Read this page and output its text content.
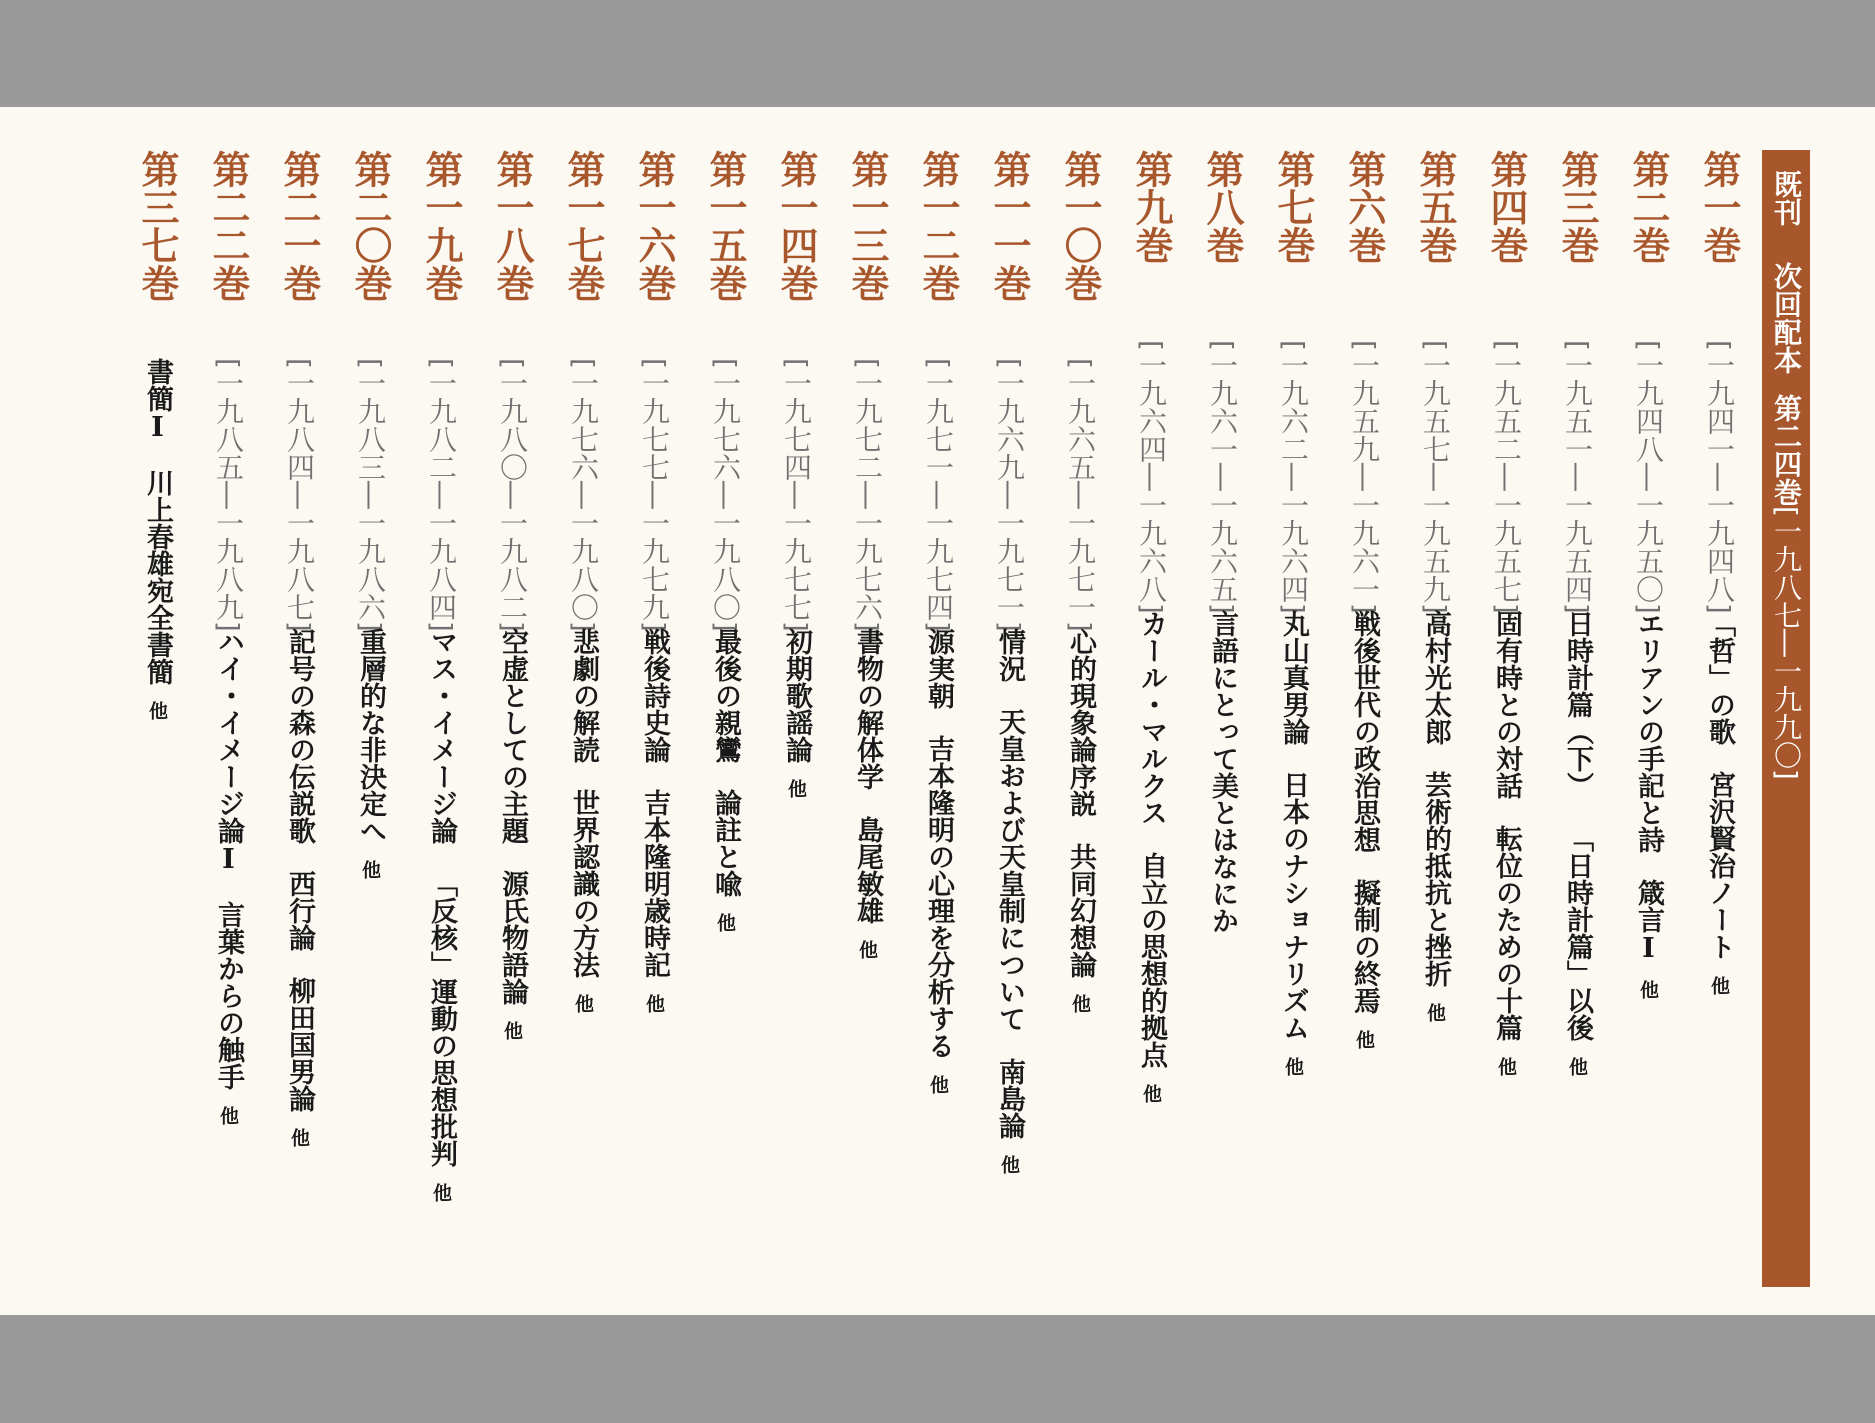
既刊次回配本第二四巻[一九八七―一九九〇]
第一巻
[一九四一―一九四八]
「哲」の歌宮沢賢治ノート他
第二巻
[一九四八―一九五〇]
エリアンの手記と詩箴言Ⅰ他
第三巻
[一九五一―一九五四]
日時計篇（下）「日時計篇」以後他
第四巻
[一九五二―一九五七]
固有時との対話転位のための十篇他
第五巻
[一九五七―一九五九]
高村光太郎芸術的抵抗と挫折他
第六巻
[一九五九―一九六一]
戦後世代の政治思想擬制の終焉他
第七巻
[一九六二―一九六四]
丸山真男論日本のナショナリズム他
第八巻
[一九六一―一九六五]
言語にとって美とはなにか
第九巻
[一九六四―一九六八]
カール・マルクス自立の思想的拠点他
第一〇巻
[一九六五―一九七一]
心的現象論序説共同幻想論他
第一一巻
[一九六九―一九七一]
情況天皇および天皇制について南島論他
第一二巻
[一九七一―一九七四]
源実朝吉本隆明の心理を分析する他
第一三巻
[一九七二―一九七六]
書物の解体学島尾敏雄他
第一四巻
[一九七四―一九七七]
初期歌謡論他
第一五巻
[一九七六―一九八〇]
最後の親鸞論註と喩他
第一六巻
[一九七七―一九七九]
戦後詩史論吉本隆明歳時記他
第一七巻
[一九七六―一九八〇]
悲劇の解読世界認識の方法他
第一八巻
[一九八〇―一九八二]
空虚としての主題源氏物語論他
第一九巻
[一九八二―一九八四]
マス・イメージ論「反核」運動の思想批判他
第二〇巻
[一九八三―一九八六]
重層的な非決定へ他
第二一巻
[一九八四―一九八七]
記号の森の伝説歌西行論柳田国男論他
第二二巻
[一九八五―一九八九]
ハイ・イメージ論Ⅰ言葉からの触手他
第三七巻
書簡Ⅰ川上春雄宛全書簡他
